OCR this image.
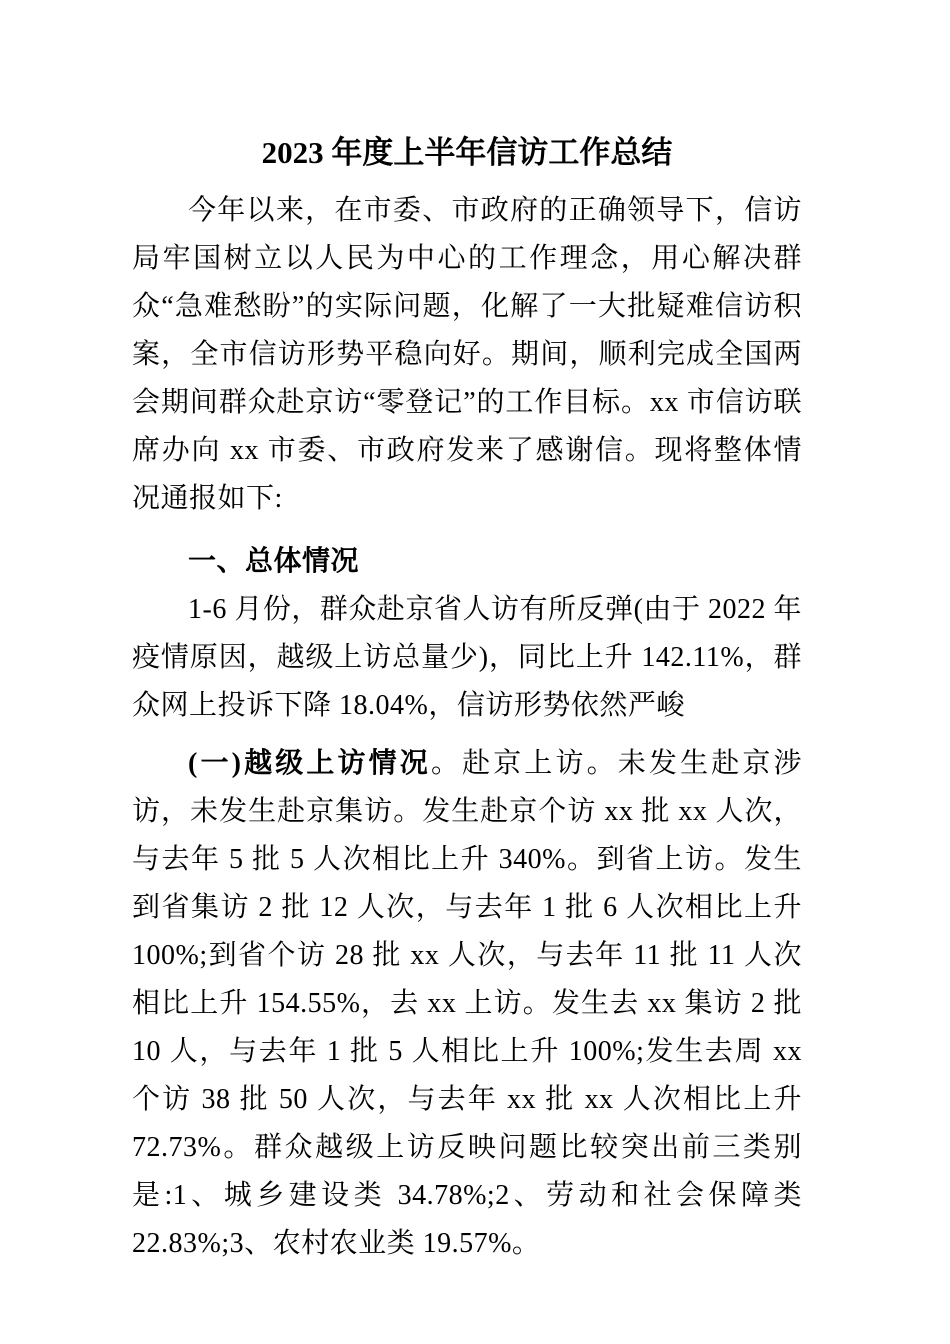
2023 年度上半年信访工作总结

今年以来，在市委、市政府的正确领导下，信访局牢国树立以人民为中心的工作理念，用心解决群众“急难愁盼”的实际问题，化解了一大批疑难信访积案，全市信访形势平稳向好。期间，顺利完成全国两会期间群众赴京访“零登记”的工作目标。xx 市信访联席办向 xx 市委、市政府发来了感谢信。现将整体情况通报如下:

一、总体情况

1-6 月份，群众赴京省人访有所反弹(由于 2022 年疫情原因，越级上访总量少)，同比上升 142.11%，群众网上投诉下降 18.04%，信访形势依然严峻

(一)越级上访情况。赴京上访。未发生赴京涉访，未发生赴京集访。发生赴京个访 xx 批 xx 人次，与去年 5 批 5 人次相比上升 340%。到省上访。发生到省集访 2 批 12 人次，与去年 1 批 6 人次相比上升 100%;到省个访 28 批 xx 人次，与去年 11 批 11 人次相比上升 154.55%，去 xx 上访。发生去 xx 集访 2 批 10 人，与去年 1 批 5 人相比上升 100%;发生去周 xx 个访 38 批 50 人次，与去年 xx 批 xx 人次相比上升 72.73%。群众越级上访反映问题比较突出前三类别是:1、城乡建设类 34.78%;2、劳动和社会保障类 22.83%;3、农村农业类 19.57%。
